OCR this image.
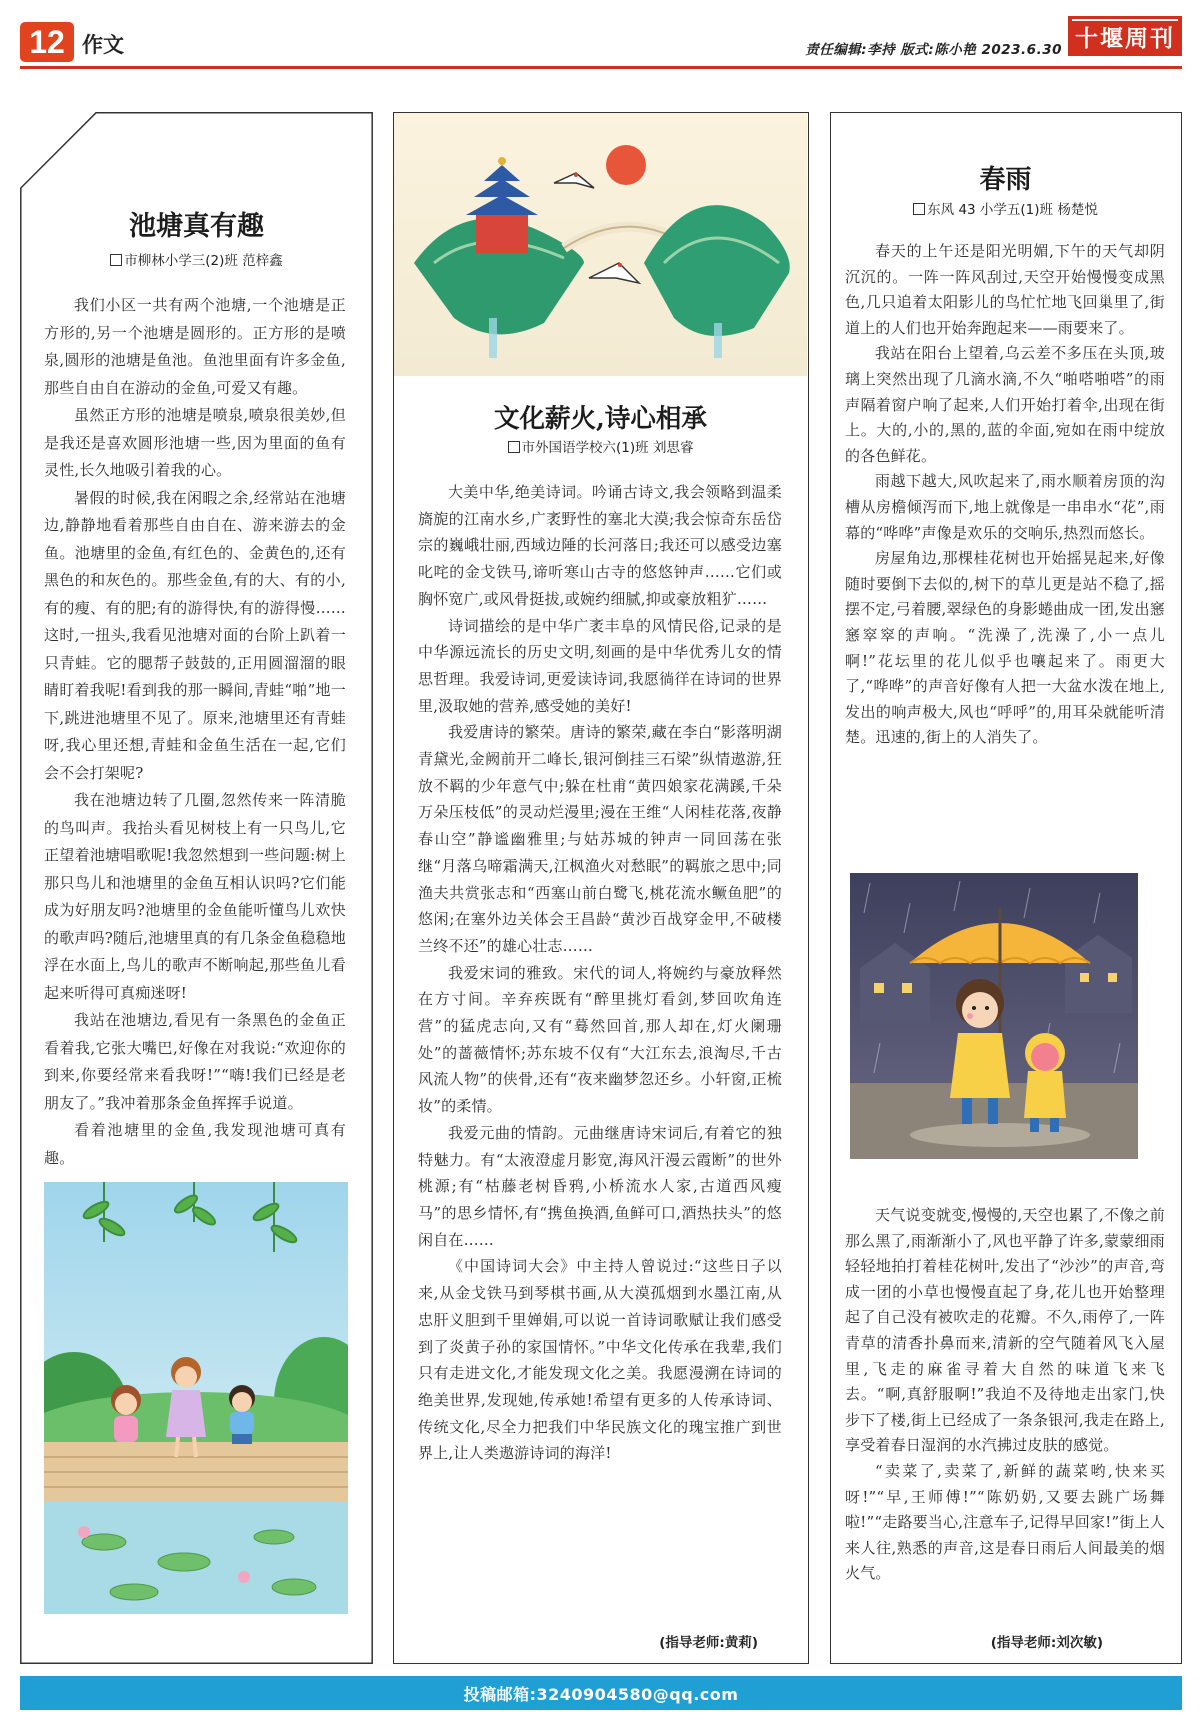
12 作文	责任编辑:李持 版式:陈小艳 2023.6.30 十堰周刊
池塘真有趣
市柳林小学三(2)班 范梓鑫

我们小区一共有两个池塘,一个池塘是正方形的,另一个池塘是圆形的。正方形的是喷泉,圆形的池塘是鱼池。鱼池里面有许多金鱼,那些自由自在游动的金鱼,可爱又有趣。

虽然正方形的池塘是喷泉,喷泉很美妙,但是我还是喜欢圆形池塘一些,因为里面的鱼有灵性,长久地吸引着我的心。

暑假的时候,我在闲暇之余,经常站在池塘边,静静地看着那些自由自在、游来游去的金鱼。池塘里的金鱼,有红色的、金黄色的,还有黑色的和灰色的。那些金鱼,有的大、有的小,有的瘦、有的肥;有的游得快,有的游得慢……这时,一扭头,我看见池塘对面的台阶上趴着一只青蛙。它的腮帮子鼓鼓的,正用圆溜溜的眼睛盯着我呢!看到我的那一瞬间,青蛙“啪”地一下,跳进池塘里不见了。原来,池塘里还有青蛙呀,我心里还想,青蛙和金鱼生活在一起,它们会不会打架呢?

我在池塘边转了几圈,忽然传来一阵清脆的鸟叫声。我抬头看见树枝上有一只鸟儿,它正望着池塘唱歌呢!我忽然想到一些问题:树上那只鸟儿和池塘里的金鱼互相认识吗?它们能成为好朋友吗?池塘里的金鱼能听懂鸟儿欢快的歌声吗?随后,池塘里真的有几条金鱼稳稳地浮在水面上,鸟儿的歌声不断响起,那些鱼儿看起来听得可真痴迷呀!

我站在池塘边,看见有一条黑色的金鱼正看着我,它张大嘴巴,好像在对我说:“欢迎你的到来,你要经常来看我呀!”“嗨!我们已经是老朋友了。”我冲着那条金鱼挥挥手说道。

看着池塘里的金鱼,我发现池塘可真有趣。

文化薪火,诗心相承
市外国语学校六(1)班 刘思睿

大美中华,绝美诗词。吟诵古诗文,我会领略到温柔旖旎的江南水乡,广袤野性的塞北大漠;我会惊奇东岳岱宗的巍峨壮丽,西域边陲的长河落日;我还可以感受边塞叱咤的金戈铁马,谛听寒山古寺的悠悠钟声……它们或胸怀宽广,或风骨挺拔,或婉约细腻,抑或豪放粗犷……

诗词描绘的是中华广袤丰阜的风情民俗,记录的是中华源远流长的历史文明,刻画的是中华优秀儿女的情思哲理。我爱诗词,更爱读诗词,我愿徜徉在诗词的世界里,汲取她的营养,感受她的美好!

我爱唐诗的繁荣。唐诗的繁荣,藏在李白“影落明湖青黛光,金阙前开二峰长,银河倒挂三石梁”纵情遨游,狂放不羁的少年意气中;躲在杜甫“黄四娘家花满蹊,千朵万朵压枝低”的灵动烂漫里;漫在王维“人闲桂花落,夜静春山空”静谧幽雅里;与姑苏城的钟声一同回荡在张继“月落乌啼霜满天,江枫渔火对愁眠”的羁旅之思中;同渔夫共赏张志和“西塞山前白鹭飞,桃花流水鳜鱼肥”的悠闲;在塞外边关体会王昌龄“黄沙百战穿金甲,不破楼兰终不还”的雄心壮志……

我爱宋词的雅致。宋代的词人,将婉约与豪放释然在方寸间。辛弃疾既有“醉里挑灯看剑,梦回吹角连营”的猛虎志向,又有“蓦然回首,那人却在,灯火阑珊处”的蔷薇情怀;苏东坡不仅有“大江东去,浪淘尽,千古风流人物”的侠骨,还有“夜来幽梦忽还乡。小轩窗,正梳妆”的柔情。

我爱元曲的情韵。元曲继唐诗宋词后,有着它的独特魅力。有“太液澄虚月影宽,海风汗漫云霞断”的世外桃源;有“枯藤老树昏鸦,小桥流水人家,古道西风瘦马”的思乡情怀,有“携鱼换酒,鱼鲜可口,酒热扶头”的悠闲自在……

《中国诗词大会》中主持人曾说过:“这些日子以来,从金戈铁马到琴棋书画,从大漠孤烟到水墨江南,从忠肝义胆到千里婵娟,可以说一首诗词歌赋让我们感受到了炎黄子孙的家国情怀。”中华文化传承在我辈,我们只有走进文化,才能发现文化之美。我愿漫溯在诗词的绝美世界,发现她,传承她!希望有更多的人传承诗词、传统文化,尽全力把我们中华民族文化的瑰宝推广到世界上,让人类遨游诗词的海洋!

(指导老师:黄莉)
春雨
东风 43 小学五(1)班 杨楚悦

春天的上午还是阳光明媚,下午的天气却阴沉沉的。一阵一阵风刮过,天空开始慢慢变成黑色,几只追着太阳影儿的鸟忙忙地飞回巢里了,街道上的人们也开始奔跑起来——雨要来了。

我站在阳台上望着,乌云差不多压在头顶,玻璃上突然出现了几滴水滴,不久“啪嗒啪嗒”的雨声隔着窗户响了起来,人们开始打着伞,出现在街上。大的,小的,黑的,蓝的伞面,宛如在雨中绽放的各色鲜花。

雨越下越大,风吹起来了,雨水顺着房顶的沟槽从房檐倾泻而下,地上就像是一串串水“花”,雨幕的“哗哗”声像是欢乐的交响乐,热烈而悠长。

房屋角边,那棵桂花树也开始摇晃起来,好像随时要倒下去似的,树下的草儿更是站不稳了,摇摆不定,弓着腰,翠绿色的身影蜷曲成一团,发出窸窸窣窣的声响。“洗澡了,洗澡了,小一点儿啊!”花坛里的花儿似乎也嚷起来了。雨更大了,“哗哗”的声音好像有人把一大盆水泼在地上,发出的响声极大,风也“呼呼”的,用耳朵就能听清楚。迅速的,街上的人消失了。

天气说变就变,慢慢的,天空也累了,不像之前那么黑了,雨渐渐小了,风也平静了许多,蒙蒙细雨轻轻地拍打着桂花树叶,发出了“沙沙”的声音,弯成一团的小草也慢慢直起了身,花儿也开始整理起了自己没有被吹走的花瓣。不久,雨停了,一阵青草的清香扑鼻而来,清新的空气随着风飞入屋里,飞走的麻雀寻着大自然的味道飞来飞去。“啊,真舒服啊!”我迫不及待地走出家门,快步下了楼,街上已经成了一条条银河,我走在路上,享受着春日湿润的水汽拂过皮肤的感觉。

“卖菜了,卖菜了,新鲜的蔬菜哟,快来买呀!”“早,王师傅!”“陈奶奶,又要去跳广场舞啦!”“走路要当心,注意车子,记得早回家!”街上人来人往,熟悉的声音,这是春日雨后人间最美的烟火气。

(指导老师:刘次敏)
投稿邮箱:3240904580@qq.com
